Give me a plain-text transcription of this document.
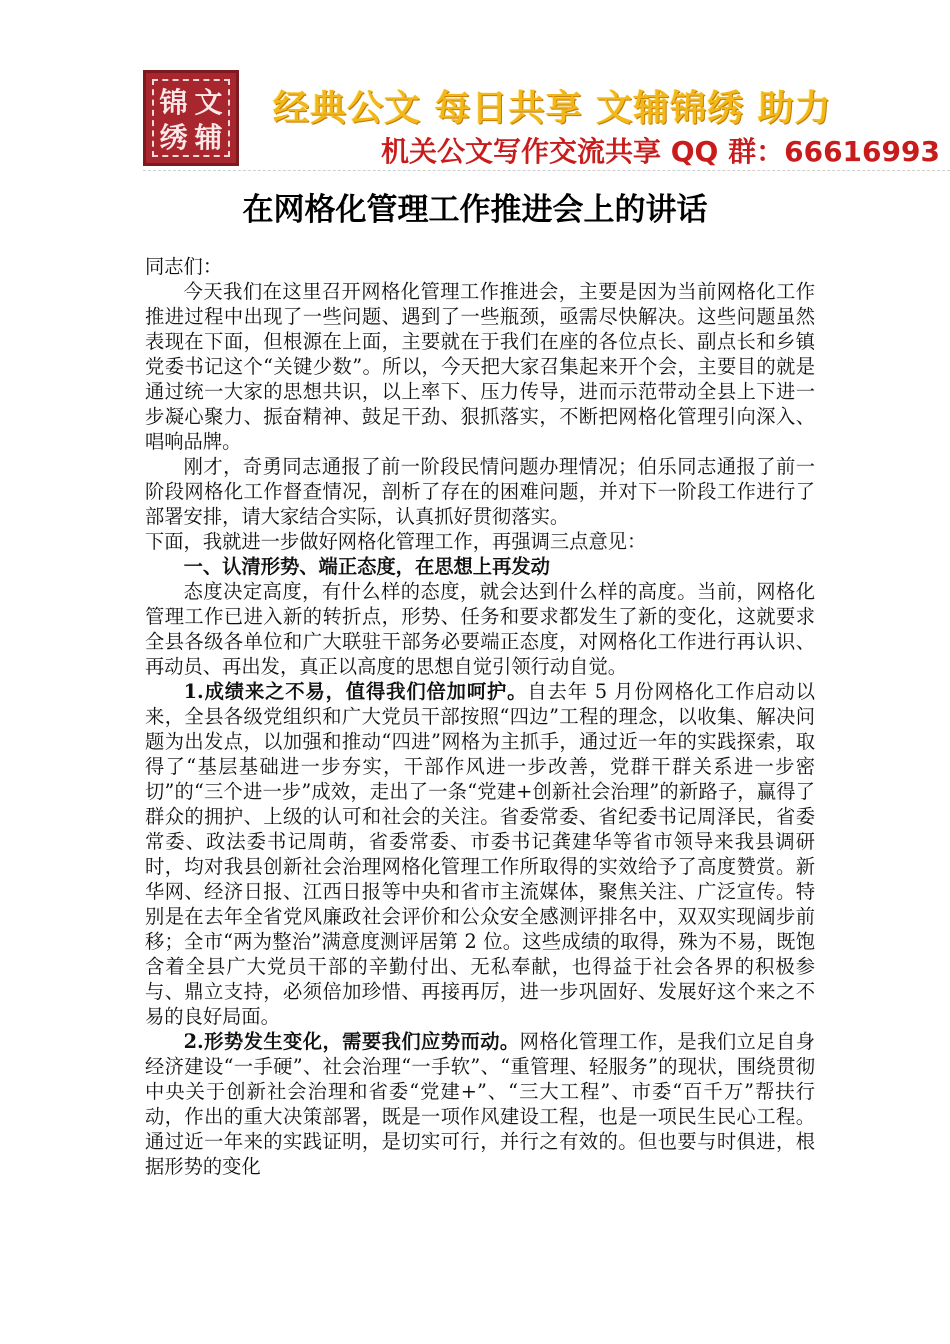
锦 文
绣 辅
经典公文 每日共享 文辅锦绣 助力
机关公文写作交流共享 QQ 群：66616993
在网格化管理工作推进会上的讲话

同志们：

今天我们在这里召开网格化管理工作推进会，主要是因为当前网格化工作推进过程中出现了一些问题、遇到了一些瓶颈，亟需尽快解决。这些问题虽然表现在下面，但根源在上面，主要就在于我们在座的各位点长、副点长和乡镇党委书记这个“关键少数”。所以，今天把大家召集起来开个会，主要目的就是通过统一大家的思想共识，以上率下、压力传导，进而示范带动全县上下进一步凝心聚力、振奋精神、鼓足干劲、狠抓落实，不断把网格化管理引向深入、唱响品牌。

刚才，奇勇同志通报了前一阶段民情问题办理情况；伯乐同志通报了前一阶段网格化工作督查情况，剖析了存在的困难问题，并对下一阶段工作进行了部署安排，请大家结合实际，认真抓好贯彻落实。

下面，我就进一步做好网格化管理工作，再强调三点意见：

一、认清形势、端正态度，在思想上再发动

态度决定高度，有什么样的态度，就会达到什么样的高度。当前，网格化管理工作已进入新的转折点，形势、任务和要求都发生了新的变化，这就要求全县各级各单位和广大联驻干部务必要端正态度，对网格化工作进行再认识、再动员、再出发，真正以高度的思想自觉引领行动自觉。

1.成绩来之不易，值得我们倍加呵护。自去年 5 月份网格化工作启动以来，全县各级党组织和广大党员干部按照“四边”工程的理念，以收集、解决问题为出发点，以加强和推动“四进”网格为主抓手，通过近一年的实践探索，取得了“基层基础进一步夯实，干部作风进一步改善，党群干群关系进一步密切”的“三个进一步”成效，走出了一条“党建+创新社会治理”的新路子，赢得了群众的拥护、上级的认可和社会的关注。省委常委、省纪委书记周泽民，省委常委、政法委书记周萌，省委常委、市委书记龚建华等省市领导来我县调研时，均对我县创新社会治理网格化管理工作所取得的实效给予了高度赞赏。新华网、经济日报、江西日报等中央和省市主流媒体，聚焦关注、广泛宣传。特别是在去年全省党风廉政社会评价和公众安全感测评排名中，双双实现阔步前移；全市“两为整治”满意度测评居第 2 位。这些成绩的取得，殊为不易，既饱含着全县广大党员干部的辛勤付出、无私奉献，也得益于社会各界的积极参与、鼎立支持，必须倍加珍惜、再接再厉，进一步巩固好、发展好这个来之不易的良好局面。

2.形势发生变化，需要我们应势而动。网格化管理工作，是我们立足自身经济建设“一手硬”、社会治理“一手软”、“重管理、轻服务”的现状，围绕贯彻中央关于创新社会治理和省委“党建+”、“三大工程”、市委“百千万”帮扶行动，作出的重大决策部署，既是一项作风建设工程，也是一项民生民心工程。通过近一年来的实践证明，是切实可行，并行之有效的。但也要与时俱进，根据形势的变化
